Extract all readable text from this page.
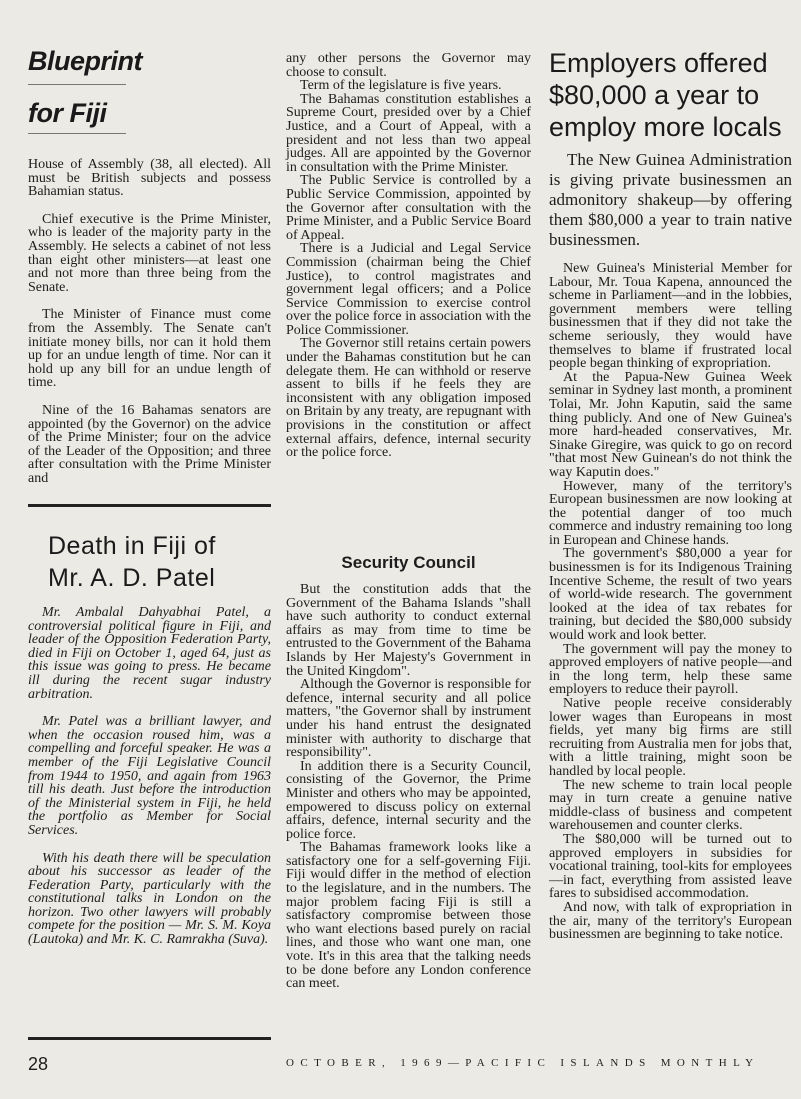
Blueprint
for Fiji

House of Assembly (38, all elected). All must be British subjects and possess Bahamian status.

Chief executive is the Prime Minister, who is leader of the majority party in the Assembly. He selects a cabinet of not less than eight other ministers—at least one and not more than three being from the Senate.

The Minister of Finance must come from the Assembly. The Senate can't initiate money bills, nor can it hold them up for an undue length of time. Nor can it hold up any bill for an undue length of time.

Nine of the 16 Bahamas senators are appointed (by the Governor) on the advice of the Prime Minister; four on the advice of the Leader of the Opposition; and three after consultation with the Prime Minister and

Death in Fiji of
Mr. A. D. Patel

Mr. Ambalal Dahyabhai Patel, a controversial political figure in Fiji, and leader of the Opposition Federation Party, died in Fiji on October 1, aged 64, just as this issue was going to press. He became ill during the recent sugar industry arbitration.

Mr. Patel was a brilliant lawyer, and when the occasion roused him, was a compelling and forceful speaker. He was a member of the Fiji Legislative Council from 1944 to 1950, and again from 1963 till his death. Just before the introduction of the Ministerial system in Fiji, he held the portfolio as Member for Social Services.

With his death there will be speculation about his successor as leader of the Federation Party, particularly with the constitutional talks in London on the horizon. Two other lawyers will probably compete for the position — Mr. S. M. Koya (Lautoka) and Mr. K. C. Ramrakha (Suva).

any other persons the Governor may choose to consult.

Term of the legislature is five years.

The Bahamas constitution establishes a Supreme Court, presided over by a Chief Justice, and a Court of Appeal, with a president and not less than two appeal judges. All are appointed by the Governor in consultation with the Prime Minister.

The Public Service is controlled by a Public Service Commission, appointed by the Governor after consultation with the Prime Minister, and a Public Service Board of Appeal.

There is a Judicial and Legal Service Commission (chairman being the Chief Justice), to control magistrates and government legal officers; and a Police Service Commission to exercise control over the police force in association with the Police Commissioner.

The Governor still retains certain powers under the Bahamas constitution but he can delegate them. He can withhold or reserve assent to bills if he feels they are inconsistent with any obligation imposed on Britain by any treaty, are repugnant with provisions in the constitution or affect external affairs, defence, internal security or the police force.

Security Council

But the constitution adds that the Government of the Bahama Islands "shall have such authority to conduct external affairs as may from time to time be entrusted to the Government of the Bahama Islands by Her Majesty's Government in the United Kingdom".

Although the Governor is responsible for defence, internal security and all police matters, "the Governor shall by instrument under his hand entrust the designated minister with authority to discharge that responsibility".

In addition there is a Security Council, consisting of the Governor, the Prime Minister and others who may be appointed, empowered to discuss policy on external affairs, defence, internal security and the police force.

The Bahamas framework looks like a satisfactory one for a self-governing Fiji. Fiji would differ in the method of election to the legislature, and in the numbers. The major problem facing Fiji is still a satisfactory compromise between those who want elections based purely on racial lines, and those who want one man, one vote. It's in this area that the talking needs to be done before any London conference can meet.

Employers offered $80,000 a year to employ more locals

The New Guinea Administration is giving private businessmen an admonitory shakeup—by offering them $80,000 a year to train native businessmen.

New Guinea's Ministerial Member for Labour, Mr. Toua Kapena, announced the scheme in Parliament—and in the lobbies, government members were telling businessmen that if they did not take the scheme seriously, they would have themselves to blame if frustrated local people began thinking of expropriation.

At the Papua-New Guinea Week seminar in Sydney last month, a prominent Tolai, Mr. John Kaputin, said the same thing publicly. And one of New Guinea's more hard-headed conservatives, Mr. Sinake Giregire, was quick to go on record "that most New Guinean's do not think the way Kaputin does."

However, many of the territory's European businessmen are now looking at the potential danger of too much commerce and industry remaining too long in European and Chinese hands.

The government's $80,000 a year for businessmen is for its Indigenous Training Incentive Scheme, the result of two years of world-wide research. The government looked at the idea of tax rebates for training, but decided the $80,000 subsidy would work and look better.

The government will pay the money to approved employers of native people—and in the long term, help these same employers to reduce their payroll.

Native people receive considerably lower wages than Europeans in most fields, yet many big firms are still recruiting from Australia men for jobs that, with a little training, might soon be handled by local people.

The new scheme to train local people may in turn create a genuine native middle-class of business and competent warehousemen and counter clerks.

The $80,000 will be turned out to approved employers in subsidies for vocational training, tool-kits for employees—in fact, everything from assisted leave fares to subsidised accommodation.

And now, with talk of expropriation in the air, many of the territory's European businessmen are beginning to take notice.

28	OCTOBER, 1969—PACIFIC ISLANDS MONTHLY
